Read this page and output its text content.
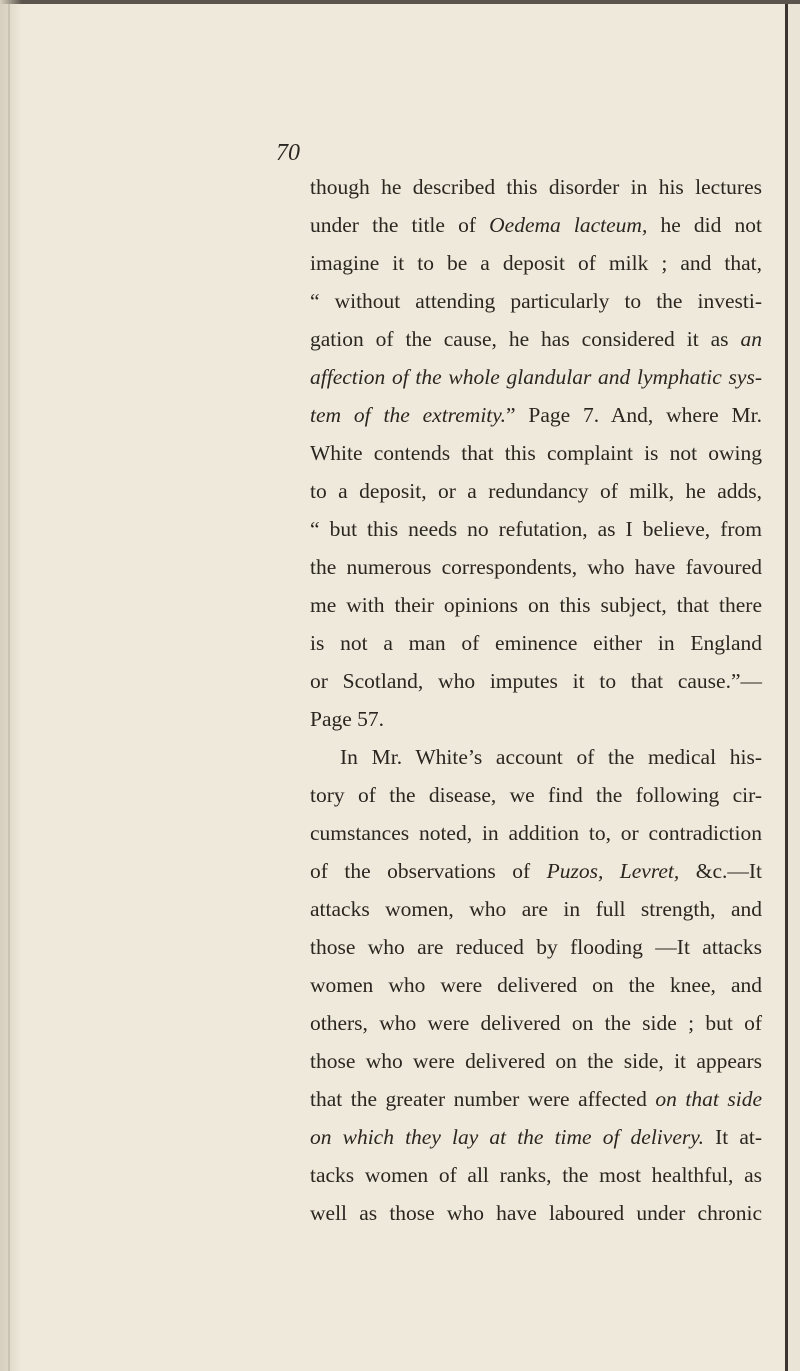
70
though he described this disorder in his lectures
under the title of Oedema lacteum, he did not
imagine it to be a deposit of milk ; and that,
“ without attending particularly to the investi-
gation of the cause, he has considered it as an
affection of the whole glandular and lymphatic sys-
tem of the extremity.” Page 7. And, where Mr.
White contends that this complaint is not owing
to a deposit, or a redundancy of milk, he adds,
“ but this needs no refutation, as I believe, from
the numerous correspondents, who have favoured
me with their opinions on this subject, that there
is not a man of eminence either in England
or Scotland, who imputes it to that cause.”—
Page 57.
In Mr. White’s account of the medical his-
tory of the disease, we find the following cir-
cumstances noted, in addition to, or contradiction
of the observations of Puzos, Levret, &c.—It
attacks women, who are in full strength, and
those who are reduced by flooding —It attacks
women who were delivered on the knee, and
others, who were delivered on the side ; but of
those who were delivered on the side, it appears
that the greater number were affected on that side
on which they lay at the time of delivery. It at-
tacks women of all ranks, the most healthful, as
well as those who have laboured under chronic
